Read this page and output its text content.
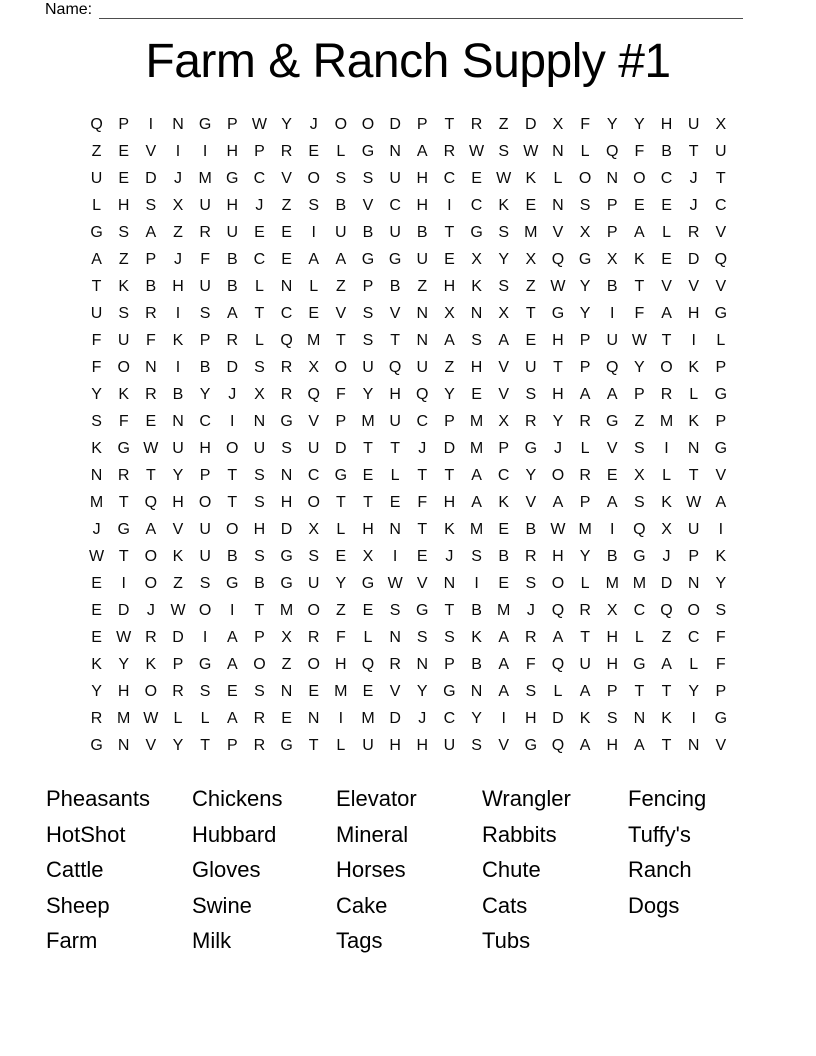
Name:
Farm & Ranch Supply #1
Q P	I	N G P W Y	J	O O D	P	T	R	Z	D	X	F	Y	Y	H U	X
Z	E	V	I	I	H	P	R	E	L	G N	A	R W S W N	L	Q	F	B	T	U
U	E	D	J	M G C	V O S	S	U H C	E W K	L	O N O C	J	T
L	H	S	X	U H	J	Z	S	B	V	C H	I	C	K	E	N	S	P	E	E	J	C
G S	A	Z	R U	E	E	I	U	B	U	B	T	G S M V	X	P	A	L	R	V
A	Z	P	J	F	B	C	E	A	A G G U	E	X	Y	X Q G X	K	E	D Q
T	K	B	H U	B	L	N	L	Z	P	B	Z	H	K	S	Z W Y	B	T	V	V	V
U	S	R	I	S	A	T	C	E	V	S	V	N	X	N	X	T	G Y	I	F	A	H G
F	U	F	K	P	R	L	Q M T	S	T	N	A	S	A	E	H	P	U W T	I	L
F	O N	I	B	D	S	R	X O U Q U	Z	H	V	U	T	P Q Y O K	P
Y	K	R	B	Y	J	X	R Q	F	Y	H Q Y	E	V	S	H	A	A	P	R	L	G
S	F	E	N C	I	N G V	P M U C	P M X	R	Y	R G	Z M K	P
K G W U H O U	S	U D	T	T	J	D M P G	J	L	V	S	I	N G
N R	T	Y	P	T	S	N C G E	L	T	T	A	C	Y O R	E	X	L	T	V
M T	Q H O	T	S	H O	T	T	E	F	H	A	K	V	A	P	A	S	K W A
J	G A	V	U O H D	X	L	H N	T	K M E	B W M	I	Q X	U	I
W T	O K	U	B	S G S	E	X	I	E	J	S	B	R H	Y	B G	J	P	K
E	I	O	Z	S G B G U	Y G W V	N	I	E	S O	L	M M D N	Y
E	D	J W O	I	T M O	Z	E	S G	T	B M	J	Q R	X	C Q O S
E W R D	I	A	P	X	R	F	L	N	S	S	K	A	R	A	T	H	L	Z	C	F
K	Y	K	P G A O	Z	O H Q R N	P	B	A	F	Q U H G A	L	F
Y	H O R	S	E	S	N	E M E	V	Y G N	A	S	L	A	P	T	T	Y	P
R M W L	L	A	R	E	N	I	M D	J	C	Y	I	H D	K	S	N	K	I	G
G N	V	Y	T	P	R G	T	L	U H H U	S	V G Q A	H	A	T	N	V
Pheasants
HotShot
Cattle
Sheep
Farm
Chickens
Hubbard
Gloves
Swine
Milk
Elevator
Mineral
Horses
Cake
Tags
Wrangler
Rabbits
Chute
Cats
Tubs
Fencing
Tuffy's
Ranch
Dogs
